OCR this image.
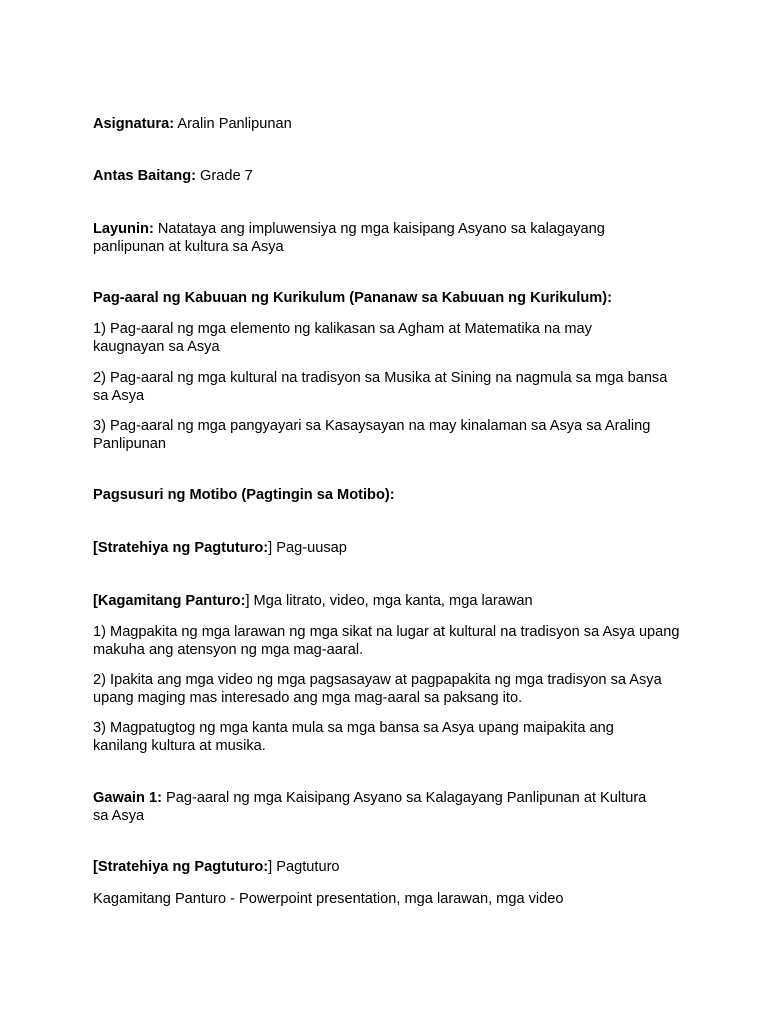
Asignatura: Aralin Panlipunan

Antas Baitang: Grade 7

Layunin: Natataya ang impluwensiya ng mga kaisipang Asyano sa kalagayang panlipunan at kultura sa Asya

Pag-aaral ng Kabuuan ng Kurikulum (Pananaw sa Kabuuan ng Kurikulum):

1) Pag-aaral ng mga elemento ng kalikasan sa Agham at Matematika na may kaugnayan sa Asya

2) Pag-aaral ng mga kultural na tradisyon sa Musika at Sining na nagmula sa mga bansa sa Asya

3) Pag-aaral ng mga pangyayari sa Kasaysayan na may kinalaman sa Asya sa Araling Panlipunan

Pagsusuri ng Motibo (Pagtingin sa Motibo):

[Stratehiya ng Pagtuturo:] Pag-uusap

[Kagamitang Panturo:] Mga litrato, video, mga kanta, mga larawan

1) Magpakita ng mga larawan ng mga sikat na lugar at kultural na tradisyon sa Asya upang makuha ang atensyon ng mga mag-aaral.

2) Ipakita ang mga video ng mga pagsasayaw at pagpapakita ng mga tradisyon sa Asya upang maging mas interesado ang mga mag-aaral sa paksang ito.

3) Magpatugtog ng mga kanta mula sa mga bansa sa Asya upang maipakita ang kanilang kultura at musika.

Gawain 1: Pag-aaral ng mga Kaisipang Asyano sa Kalagayang Panlipunan at Kultura sa Asya

[Stratehiya ng Pagtuturo:] Pagtuturo

Kagamitang Panturo - Powerpoint presentation, mga larawan, mga video
